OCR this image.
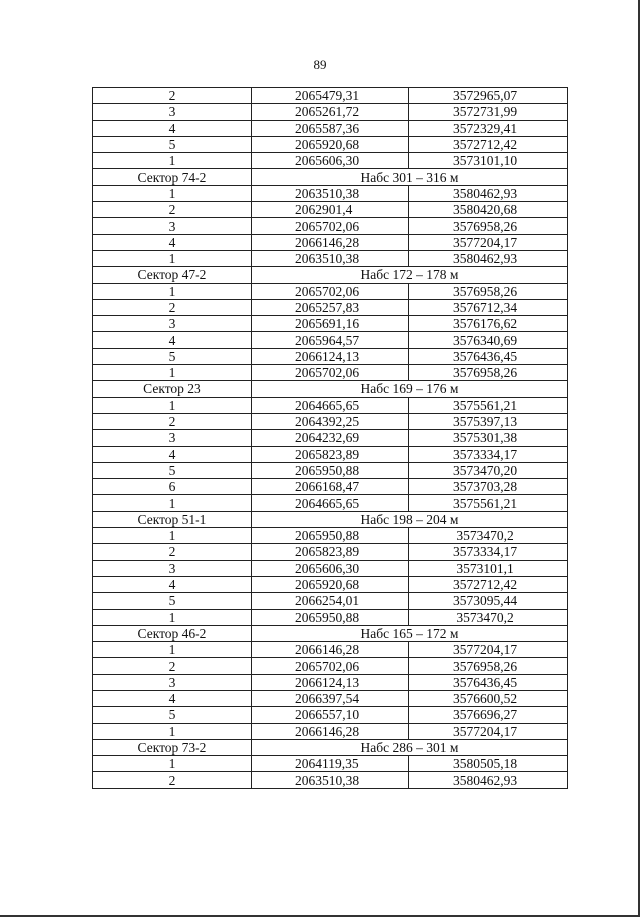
89
2	2065479,31	3572965,07
3	2065261,72	3572731,99
4	2065587,36	3572329,41
5	2065920,68	3572712,42
1	2065606,30	3573101,10
Сектор 74-2	Набс 301 – 316 м	
1	2063510,38	3580462,93
2	2062901,4	3580420,68
3	2065702,06	3576958,26
4	2066146,28	3577204,17
1	2063510,38	3580462,93
Сектор 47-2	Набс 172 – 178 м	
1	2065702,06	3576958,26
2	2065257,83	3576712,34
3	2065691,16	3576176,62
4	2065964,57	3576340,69
5	2066124,13	3576436,45
1	2065702,06	3576958,26
Сектор 23	Набс 169 – 176 м	
1	2064665,65	3575561,21
2	2064392,25	3575397,13
3	2064232,69	3575301,38
4	2065823,89	3573334,17
5	2065950,88	3573470,20
6	2066168,47	3573703,28
1	2064665,65	3575561,21
Сектор 51-1	Набс 198 – 204 м	
1	2065950,88	3573470,2
2	2065823,89	3573334,17
3	2065606,30	3573101,1
4	2065920,68	3572712,42
5	2066254,01	3573095,44
1	2065950,88	3573470,2
Сектор 46-2	Набс 165 – 172 м	
1	2066146,28	3577204,17
2	2065702,06	3576958,26
3	2066124,13	3576436,45
4	2066397,54	3576600,52
5	2066557,10	3576696,27
1	2066146,28	3577204,17
Сектор 73-2	Набс 286 – 301 м	
1	2064119,35	3580505,18
2	2063510,38	3580462,93
